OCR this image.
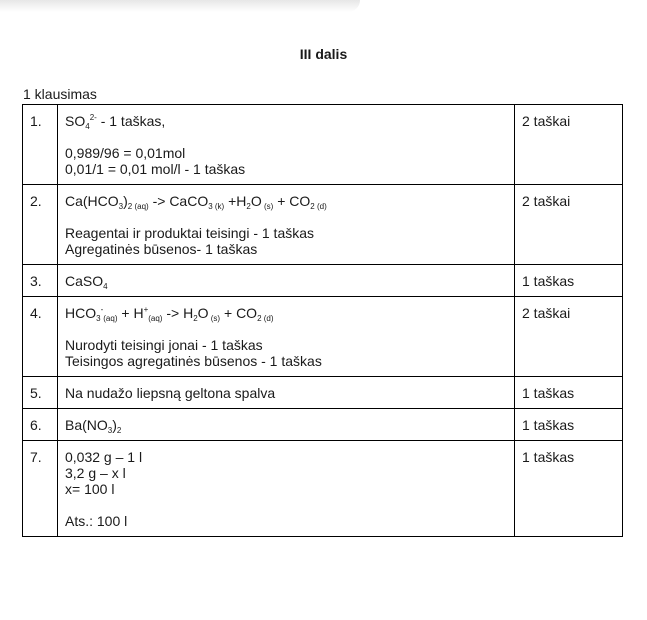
III dalis
1 klausimas
1.	$SO_4^{2-} - 1$ taškas,
0,989/96 = 0,01mol
0,01/1 = 0,01 mol/l - 1 taškas	2 taškai
2.	$Ca(HCO_3)_{2 (aq)}$ -> CaCO$_{3 (k)}$ $+H_2O$ $_{(s)} + CO_{2 (d)}$
Reagentai ir produktai teisingi - 1 taškas
Agregatinės būsenos- 1 taškas	2 taškai
3.	CaSO$_4$	1 taškas
4.	$HCO_3^-_{(aq)} + H^+_{(aq)} -> H_2O$ $_{(s)} + CO_{2 (d)}$
Nurodyti teisingi jonai - 1 taškas
Teisingos agregatinės būsenos - 1 taškas	2 taškai
5.	Na nudažo liepsną geltona spalva	1 taškas
6.	$Ba(NO_3)_2$	1 taškas
7.	0,032 g – 1 l
3,2 g – x l
x= 100 l
Ats.: 100 l	1 taškas
